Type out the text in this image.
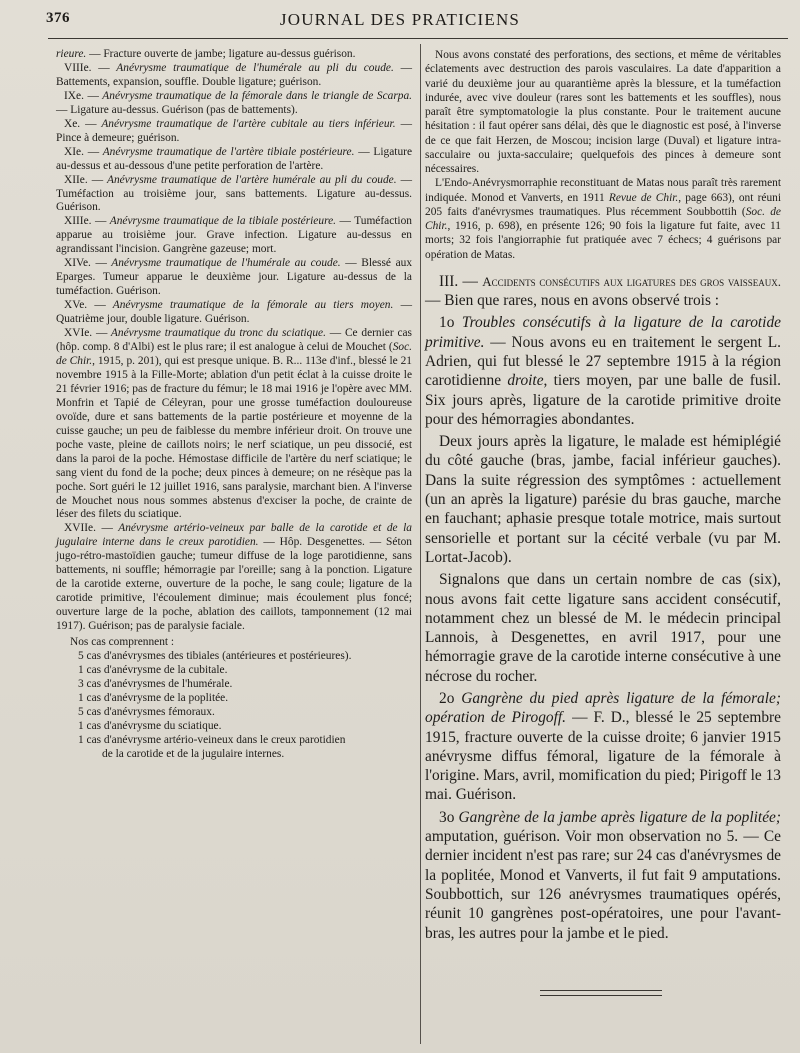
376	JOURNAL DES PRATICIENS

rieure. — Fracture ouverte de jambe; ligature au-dessus guérison.

VIIIe. — Anévrysme traumatique de l'humérale au pli du coude. — Battements, expansion, souffle. Double ligature; guérison.

IXe. — Anévrysme traumatique de la fémorale dans le triangle de Scarpa. — Ligature au-dessus. Guérison (pas de battements).

Xe. — Anévrysme traumatique de l'artère cubitale au tiers inférieur. — Pince à demeure; guérison.

XIe. — Anévrysme traumatique de l'artère tibiale postérieure. — Ligature au-dessus et au-dessous d'une petite perforation de l'artère.

XIIe. — Anévrysme traumatique de l'artère humérale au pli du coude. — Tuméfaction au troisième jour, sans battements. Ligature au-dessus. Guérison.

XIIIe. — Anévrysme traumatique de la tibiale postérieure. — Tuméfaction apparue au troisième jour. Grave infection. Ligature au-dessus en agrandissant l'incision. Gangrène gazeuse; mort.

XIVe. — Anévrysme traumatique de l'humérale au coude. — Blessé aux Eparges. Tumeur apparue le deuxième jour. Ligature au-dessus de la tuméfaction. Guérison.

XVe. — Anévrysme traumatique de la fémorale au tiers moyen. — Quatrième jour, double ligature. Guérison.

XVIe. — Anévrysme traumatique du tronc du sciatique. — Ce dernier cas (hôp. comp. 8 d'Albi) est le plus rare; il est analogue à celui de Mouchet (Soc. de Chir., 1915, p. 201), qui est presque unique. B. R... 113e d'inf., blessé le 21 novembre 1915 à la Fille-Morte; ablation d'un petit éclat à la cuisse droite le 21 février 1916; pas de fracture du fémur; le 18 mai 1916 je l'opère avec MM. Monfrin et Tapié de Céleyran, pour une grosse tuméfaction douloureuse ovoïde, dure et sans battements de la partie postérieure et moyenne de la cuisse gauche; un peu de faiblesse du membre inférieur droit. On trouve une poche vaste, pleine de caillots noirs; le nerf sciatique, un peu dissocié, est dans la paroi de la poche. Hémostase difficile de l'artère du nerf sciatique; le sang vient du fond de la poche; deux pinces à demeure; on ne résèque pas la poche. Sort guéri le 12 juillet 1916, sans paralysie, marchant bien. A l'inverse de Mouchet nous nous sommes abstenus d'exciser la poche, de crainte de léser des filets du sciatique.

XVIIe. — Anévrysme artério-veineux par balle de la carotide et de la jugulaire interne dans le creux parotidien. — Hôp. Desgenettes. — Séton jugo-rétro-mastoïdien gauche; tumeur diffuse de la loge parotidienne, sans battements, ni souffle; hémorragie par l'oreille; sang à la ponction. Ligature de la carotide externe, ouverture de la poche, le sang coule; ligature de la carotide primitive, l'écoulement diminue; mais écoulement plus foncé; ouverture large de la poche, ablation des caillots, tamponnement (12 mai 1917). Guérison; pas de paralysie faciale.

Nos cas comprennent :

5 cas d'anévrysmes des tibiales (antérieures et postérieures).

1 cas d'anévrysme de la cubitale.

3 cas d'anévrysmes de l'humérale.

1 cas d'anévrysme de la poplitée.

5 cas d'anévrysmes fémoraux.

1 cas d'anévrysme du sciatique.

1 cas d'anévrysme artério-veineux dans le creux parotidien

de la carotide et de la jugulaire internes.

Nous avons constaté des perforations, des sections, et même de véritables éclatements avec destruction des parois vasculaires. La date d'apparition a varié du deuxième jour au quarantième après la blessure, et la tuméfaction indurée, avec vive douleur (rares sont les battements et les souffles), nous paraît être symptomatologie la plus constante. Pour le traitement aucune hésitation : il faut opérer sans délai, dès que le diagnostic est posé, à l'inverse de ce que fait Herzen, de Moscou; incision large (Duval) et ligature intra-sacculaire ou juxta-sacculaire; quelquefois des pinces à demeure sont nécessaires.

L'Endo-Anévrysmorraphie reconstituant de Matas nous paraît très rarement indiquée. Monod et Vanverts, en 1911 Revue de Chir., page 663), ont réuni 205 faits d'anévrysmes traumatiques. Plus récemment Soubbottih (Soc. de Chir., 1916, p. 698), en présente 126; 90 fois la ligature fut faite, avec 11 morts; 32 fois l'angiorraphie fut pratiquée avec 7 échecs; 4 guérisons par opération de Matas.

III. — Accidents consécutifs aux ligatures des gros vaisseaux. — Bien que rares, nous en avons observé trois :

1o Troubles consécutifs à la ligature de la carotide primitive. — Nous avons eu en traitement le sergent L. Adrien, qui fut blessé le 27 septembre 1915 à la région carotidienne droite, tiers moyen, par une balle de fusil. Six jours après, ligature de la carotide primitive droite pour des hémorragies abondantes.

Deux jours après la ligature, le malade est hémiplégié du côté gauche (bras, jambe, facial inférieur gauches). Dans la suite régression des symptômes : actuellement (un an après la ligature) parésie du bras gauche, marche en fauchant; aphasie presque totale motrice, mais surtout sensorielle et portant sur la cécité verbale (vu par M. Lortat-Jacob).

Signalons que dans un certain nombre de cas (six), nous avons fait cette ligature sans accident consécutif, notamment chez un blessé de M. le médecin principal Lannois, à Desgenettes, en avril 1917, pour une hémorragie grave de la carotide interne consécutive à une nécrose du rocher.

2o Gangrène du pied après ligature de la fémorale; opération de Pirogoff. — F. D., blessé le 25 septembre 1915, fracture ouverte de la cuisse droite; 6 janvier 1915 anévrysme diffus fémoral, ligature de la fémorale à l'origine. Mars, avril, momification du pied; Pirigoff le 13 mai. Guérison.

3o Gangrène de la jambe après ligature de la poplitée; amputation, guérison. Voir mon observation no 5. — Ce dernier incident n'est pas rare; sur 24 cas d'anévrysmes de la poplitée, Monod et Vanverts, il fut fait 9 amputations. Soubbottich, sur 126 anévrysmes traumatiques opérés, réunit 10 gangrènes post-opératoires, une pour l'avant-bras, les autres pour la jambe et le pied.
